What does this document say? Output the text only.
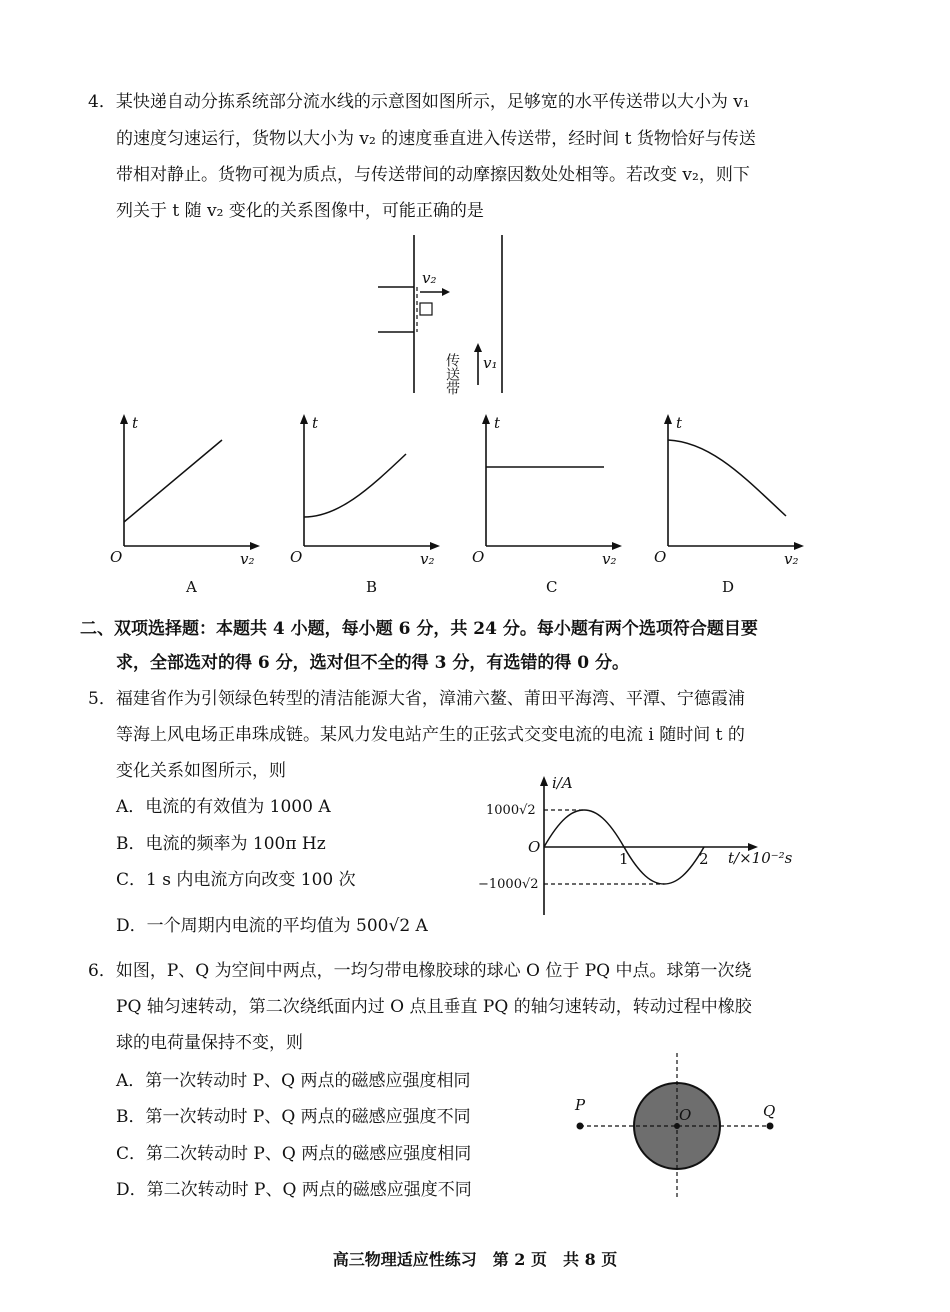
4．某快递自动分拣系统部分流水线的示意图如图所示，足够宽的水平传送带以大小为 v₁
的速度匀速运行，货物以大小为 v₂ 的速度垂直进入传送带，经时间 t 货物恰好与传送
带相对静止。货物可视为质点，与传送带间的动摩擦因数处处相等。若改变 v₂，则下
列关于 t 随 v₂ 变化的关系图像中，可能正确的是
v₂
传送带 v₁
t
O	v₂
A
t
O	v₂
B
t
O	v₂
C
t
O	v₂
D
二、双项选择题：本题共 4 小题，每小题 6 分，共 24 分。每小题有两个选项符合题目要
求，全部选对的得 6 分，选对但不全的得 3 分，有选错的得 0 分。
5．福建省作为引领绿色转型的清洁能源大省，漳浦六鳌、莆田平海湾、平潭、宁德霞浦
等海上风电场正串珠成链。某风力发电站产生的正弦式交变电流的电流 i 随时间 t 的
变化关系如图所示，则
A．电流的有效值为 1000 A
B．电流的频率为 100π Hz
C．1 s 内电流方向改变 100 次
D．一个周期内电流的平均值为 500√2 A
i/A
1000√2
−1000√2
O
1	2 t/×10⁻²s
6．如图，P、Q 为空间中两点，一均匀带电橡胶球的球心 O 位于 PQ 中点。球第一次绕
PQ 轴匀速转动，第二次绕纸面内过 O 点且垂直 PQ 的轴匀速转动，转动过程中橡胶
球的电荷量保持不变，则
A．第一次转动时 P、Q 两点的磁感应强度相同
B．第一次转动时 P、Q 两点的磁感应强度不同
C．第二次转动时 P、Q 两点的磁感应强度相同
D．第二次转动时 P、Q 两点的磁感应强度不同
P	Q
O
高三物理适应性练习　第 2 页　共 8 页
